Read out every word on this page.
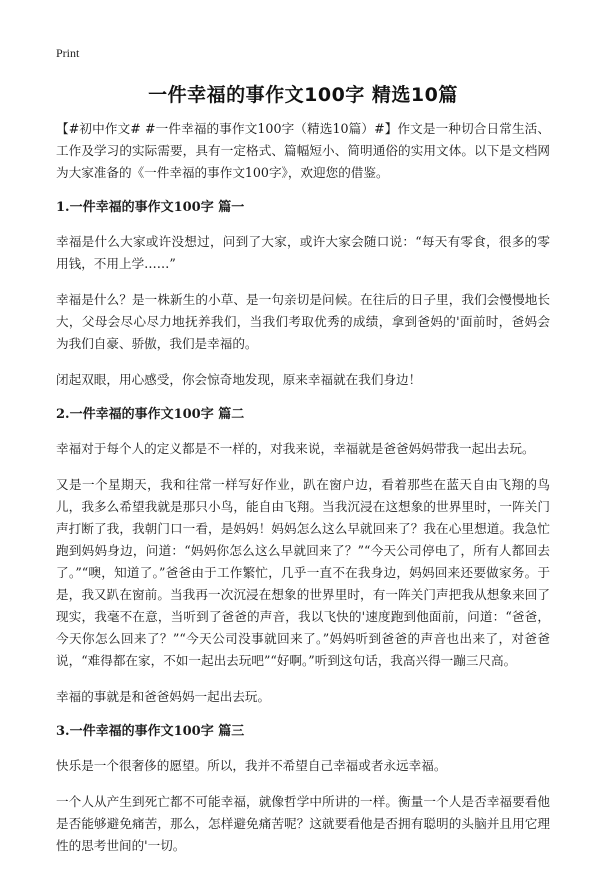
Print
一件幸福的事作文100字 精选10篇

【#初中作文# #一件幸福的事作文100字（精选10篇）#】作文是一种切合日常生活、工作及学习的实际需要，具有一定格式、篇幅短小、简明通俗的实用文体。以下是文档网为大家准备的《一件幸福的事作文100字》，欢迎您的借鉴。

1.一件幸福的事作文100字 篇一

幸福是什么大家或许没想过，问到了大家，或许大家会随口说：“每天有零食，很多的零用钱，不用上学……”

幸福是什么？是一株新生的小草、是一句亲切是问候。在往后的日子里，我们会慢慢地长大，父母会尽心尽力地抚养我们，当我们考取优秀的成绩，拿到爸妈的'面前时，爸妈会为我们自豪、骄傲，我们是幸福的。

闭起双眼，用心感受，你会惊奇地发现，原来幸福就在我们身边！

2.一件幸福的事作文100字 篇二

幸福对于每个人的定义都是不一样的，对我来说，幸福就是爸爸妈妈带我一起出去玩。

又是一个星期天，我和往常一样写好作业，趴在窗户边，看着那些在蓝天自由飞翔的鸟儿，我多么希望我就是那只小鸟，能自由飞翔。当我沉浸在这想象的世界里时，一阵关门声打断了我，我朝门口一看，是妈妈！妈妈怎么这么早就回来了？我在心里想道。我急忙跑到妈妈身边，问道：“妈妈你怎么这么早就回来了？”“今天公司停电了，所有人都回去了。”“噢，知道了。”爸爸由于工作繁忙，几乎一直不在我身边，妈妈回来还要做家务。于是，我又趴在窗前。当我再一次沉浸在想象的世界里时，有一阵关门声把我从想象来回了现实，我毫不在意，当听到了爸爸的声音，我以飞快的'速度跑到他面前，问道：“爸爸，今天你怎么回来了？”“今天公司没事就回来了。”妈妈听到爸爸的声音也出来了，对爸爸说，“难得都在家，不如一起出去玩吧”“好啊。”听到这句话，我高兴得一蹦三尺高。

幸福的事就是和爸爸妈妈一起出去玩。

3.一件幸福的事作文100字 篇三

快乐是一个很奢侈的愿望。所以，我并不希望自己幸福或者永远幸福。

一个人从产生到死亡都不可能幸福，就像哲学中所讲的一样。衡量一个人是否幸福要看他是否能够避免痛苦，那么，怎样避免痛苦呢？这就要看他是否拥有聪明的头脑并且用它理性的思考世间的'一切。
